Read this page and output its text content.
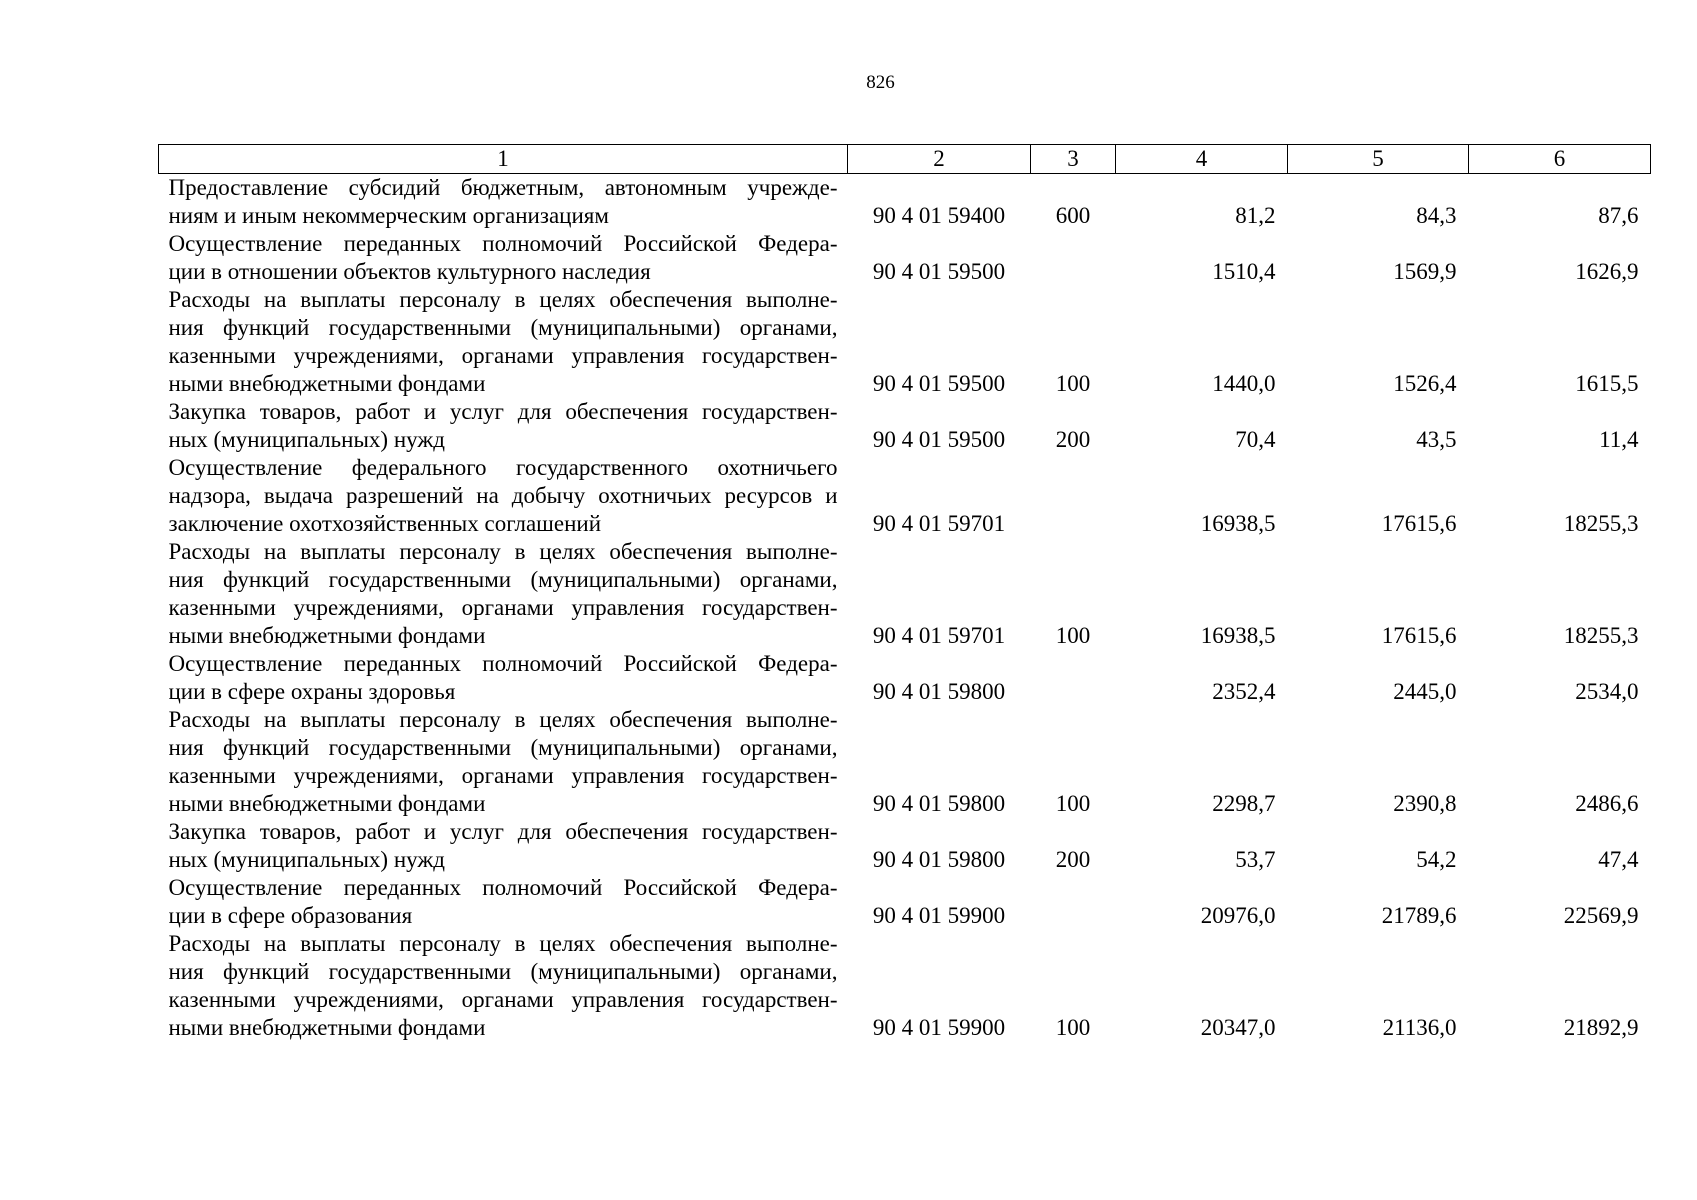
826
1	2	3	4	5	6

Предоставление субсидий бюджетным, автономным учрежде-
ниям и иным некоммерческим организациям	90 4 01 59400	600	81,2	84,3	87,6

Осуществление переданных полномочий Российской Федера-
ции в отношении объектов культурного наследия	90 4 01 59500		1510,4	1569,9	1626,9

Расходы на выплаты персоналу в целях обеспечения выполне-
ния функций государственными (муниципальными) органами,
казенными учреждениями, органами управления государствен-
ными внебюджетными фондами	90 4 01 59500	100	1440,0	1526,4	1615,5

Закупка товаров, работ и услуг для обеспечения государствен-
ных (муниципальных) нужд	90 4 01 59500	200	70,4	43,5	11,4

Осуществление федерального государственного охотничьего
надзора, выдача разрешений на добычу охотничьих ресурсов и
заключение охотхозяйственных соглашений	90 4 01 59701		16938,5	17615,6	18255,3

Расходы на выплаты персоналу в целях обеспечения выполне-
ния функций государственными (муниципальными) органами,
казенными учреждениями, органами управления государствен-
ными внебюджетными фондами	90 4 01 59701	100	16938,5	17615,6	18255,3

Осуществление переданных полномочий Российской Федера-
ции в сфере охраны здоровья	90 4 01 59800		2352,4	2445,0	2534,0

Расходы на выплаты персоналу в целях обеспечения выполне-
ния функций государственными (муниципальными) органами,
казенными учреждениями, органами управления государствен-
ными внебюджетными фондами	90 4 01 59800	100	2298,7	2390,8	2486,6

Закупка товаров, работ и услуг для обеспечения государствен-
ных (муниципальных) нужд	90 4 01 59800	200	53,7	54,2	47,4

Осуществление переданных полномочий Российской Федера-
ции в сфере образования	90 4 01 59900		20976,0	21789,6	22569,9

Расходы на выплаты персоналу в целях обеспечения выполне-
ния функций государственными (муниципальными) органами,
казенными учреждениями, органами управления государствен-
ными внебюджетными фондами	90 4 01 59900	100	20347,0	21136,0	21892,9
